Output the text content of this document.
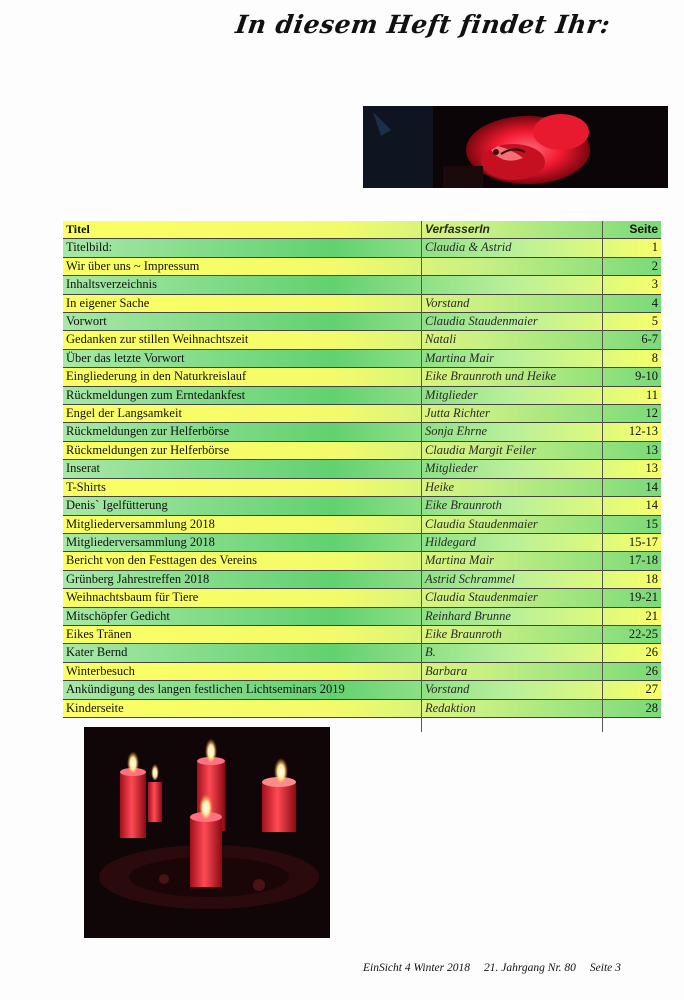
In diesem Heft findet Ihr:
Titel	VerfasserIn	Seite
Titelbild:	Claudia & Astrid	1
Wir über uns ~ Impressum		2
Inhaltsverzeichnis		3
In eigener Sache	Vorstand	4
Vorwort	Claudia Staudenmaier	5
Gedanken zur stillen Weihnachtszeit	Natali	6-7
Über das letzte Vorwort	Martina Mair	8
Eingliederung in den Naturkreislauf	Eike Braunroth und Heike	9-10
Rückmeldungen zum Erntedankfest	Mitglieder	11
Engel der Langsamkeit	Jutta Richter	12
Rückmeldungen zur Helferbörse	Sonja Ehrne	12-13
Rückmeldungen zur Helferbörse	Claudia Margit Feiler	13
Inserat	Mitglieder	13
T-Shirts	Heike	14
Denis` Igelfütterung	Eike Braunroth	14
Mitgliederversammlung 2018	Claudia Staudenmaier	15
Mitgliederversammlung 2018	Hildegard	15-17
Bericht von den Festtagen des Vereins	Martina Mair	17-18
Grünberg Jahrestreffen 2018	Astrid Schrammel	18
Weihnachtsbaum für Tiere	Claudia Staudenmaier	19-21
Mitschöpfer Gedicht	Reinhard Brunne	21
Eikes Tränen	Eike Braunroth	22-25
Kater Bernd	B.	26
Winterbesuch	Barbara	26
Ankündigung des langen festlichen Lichtseminars 2019	Vorstand	27
Kinderseite	Redaktion	28

EinSicht 4 Winter 2018 21. Jahrgang Nr. 80 Seite 3
